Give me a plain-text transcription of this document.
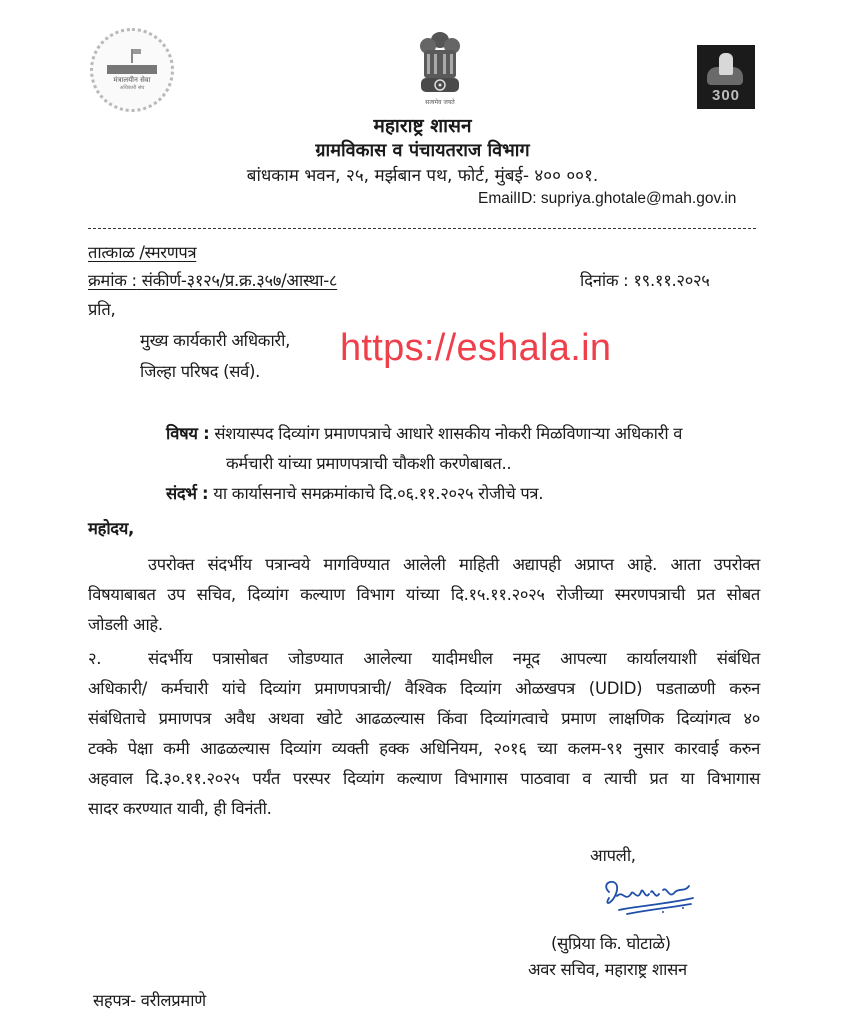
मंत्रालयीन सेवा
अधिकारी संघ
सत्यमेव जयते	300
महाराष्ट्र शासन
ग्रामविकास व पंचायतराज विभाग
बांधकाम भवन, २५, मर्झबान पथ, फोर्ट, मुंबई- ४०० ००१.
EmailID: supriya.ghotale@mah.gov.in
तात्काळ /स्मरणपत्र
क्रमांक : संकीर्ण-३१२५/प्र.क्र.३५७/आस्था-८	दिनांक : १९.११.२०२५
प्रति,
मुख्य कार्यकारी अधिकारी,
जिल्हा परिषद (सर्व).
https://eshala.in
विषय : संशयास्पद दिव्यांग प्रमाणपत्राचे आधारे शासकीय नोकरी मिळविणाऱ्या अधिकारी व
कर्मचारी यांच्या प्रमाणपत्राची चौकशी करणेबाबत..
संदर्भ : या कार्यासनाचे समक्रमांकाचे दि.०६.११.२०२५ रोजीचे पत्र.
महोदय,
उपरोक्त संदर्भीय पत्रान्वये मागविण्यात आलेली माहिती अद्यापही अप्राप्त आहे. आता उपरोक्त
विषयाबाबत उप सचिव, दिव्यांग कल्याण विभाग यांच्या दि.१५.११.२०२५ रोजीच्या स्मरणपत्राची प्रत सोबत
जोडली आहे.
२.	संदर्भीय पत्रासोबत जोडण्यात आलेल्या यादीमधील नमूद आपल्या कार्यालयाशी संबंधित
अधिकारी/ कर्मचारी यांचे दिव्यांग प्रमाणपत्राची/ वैश्विक दिव्यांग ओळखपत्र (UDID) पडताळणी करुन
संबंधिताचे प्रमाणपत्र अवैध अथवा खोटे आढळल्यास किंवा दिव्यांगत्वाचे प्रमाण लाक्षणिक दिव्यांगत्व ४०
टक्के पेक्षा कमी आढळल्यास दिव्यांग व्यक्ती हक्क अधिनियम, २०१६ च्या कलम-९१ नुसार कारवाई करुन
अहवाल दि.३०.११.२०२५ पर्यंत परस्पर दिव्यांग कल्याण विभागास पाठवावा व त्याची प्रत या विभागास
सादर करण्यात यावी, ही विनंती.
आपली,
(सुप्रिया कि. घोटाळे)
अवर सचिव, महाराष्ट्र शासन
सहपत्र- वरीलप्रमाणे
